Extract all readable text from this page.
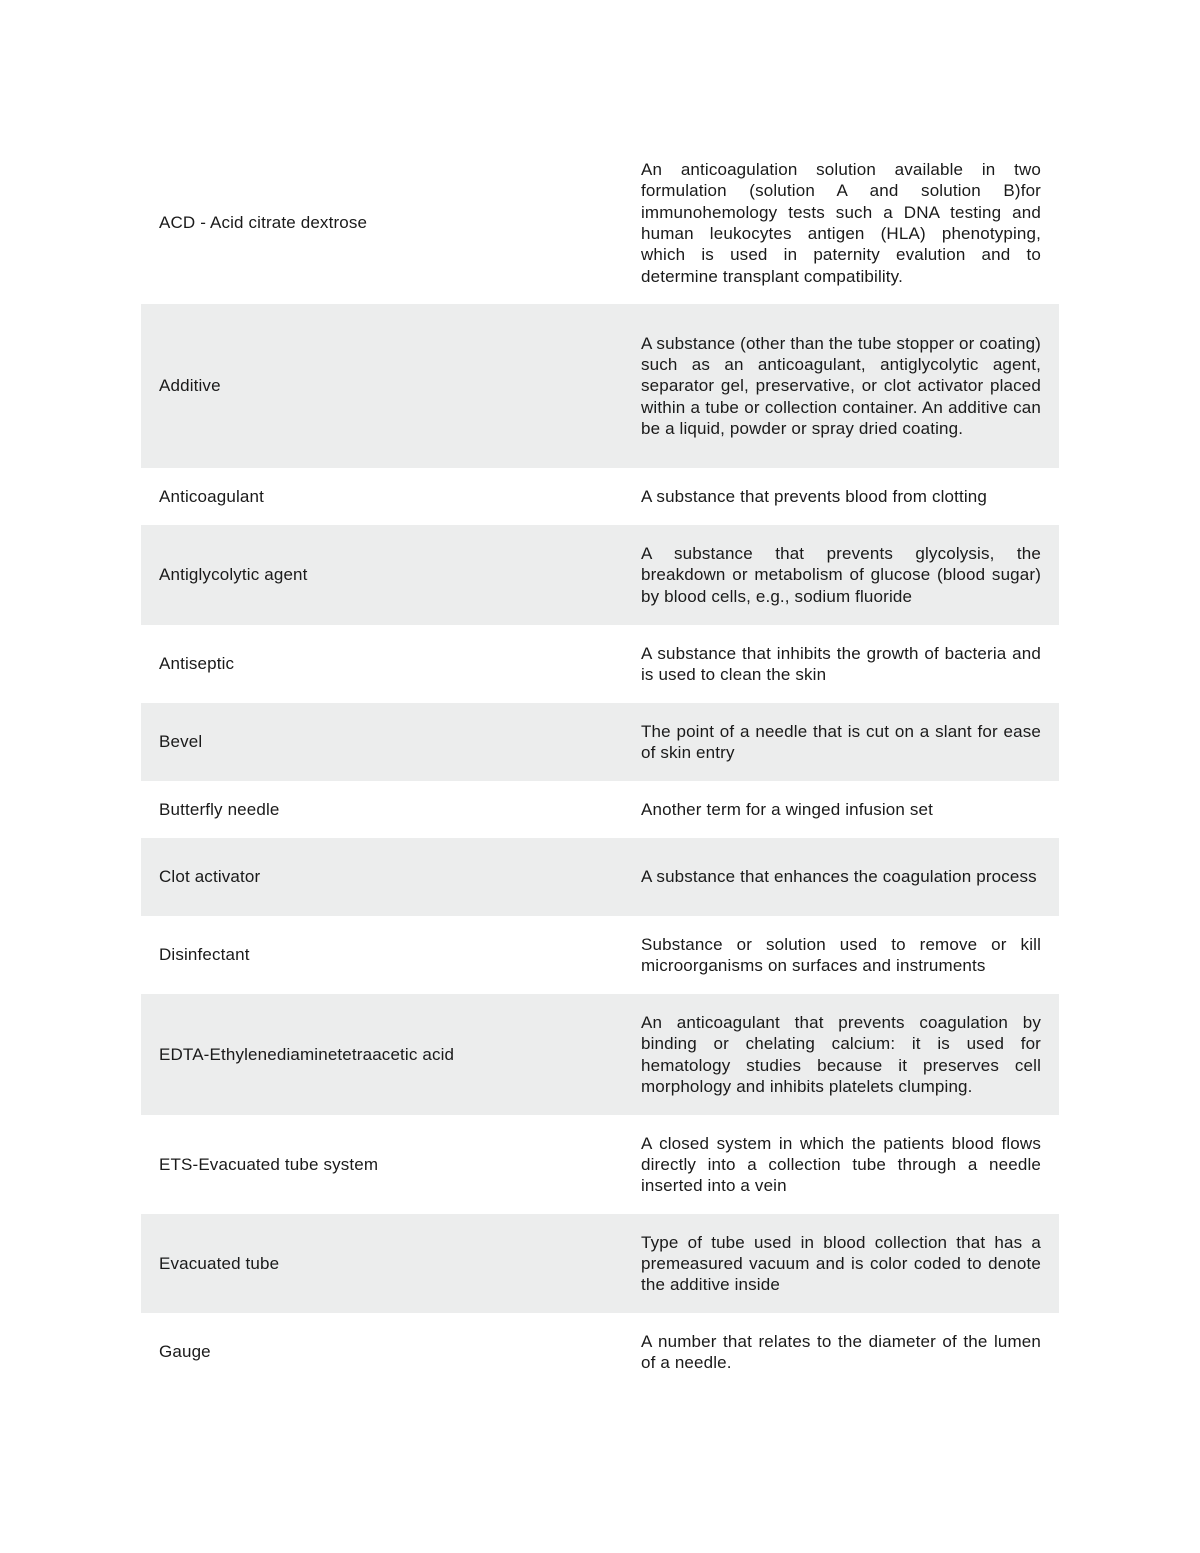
ACD - Acid citrate dextrose	An anticoagulation solution available in two formulation (solution A and solution B)for immunohemology tests such a DNA testing and human leukocytes antigen (HLA) phenotyping, which is used in paternity evalution and to determine transplant compatibility.
Additive	A substance (other than the tube stopper or coating) such as an anticoagulant, antiglycolytic agent, separator gel, preservative, or clot activator placed within a tube or collection container. An additive can be a liquid, powder or spray dried coating.
Anticoagulant	A substance that prevents blood from clotting
Antiglycolytic agent	A substance that prevents glycolysis, the breakdown or metabolism of glucose (blood sugar) by blood cells, e.g., sodium fluoride
Antiseptic	A substance that inhibits the growth of bacteria and is used to clean the skin
Bevel	The point of a needle that is cut on a slant for ease of skin entry
Butterfly needle	Another term for a winged infusion set
Clot activator	A substance that enhances the coagulation process
Disinfectant	Substance or solution used to remove or kill microorganisms on surfaces and instruments
EDTA-Ethylenediaminetetraacetic acid	An anticoagulant that prevents coagulation by binding or chelating calcium: it is used for hematology studies because it preserves cell morphology and inhibits platelets clumping.
ETS-Evacuated tube system	A closed system in which the patients blood flows directly into a collection tube through a needle inserted into a vein
Evacuated tube	Type of tube used in blood collection that has a premeasured vacuum and is color coded to denote the additive inside
Gauge	A number that relates to the diameter of the lumen of a needle.
